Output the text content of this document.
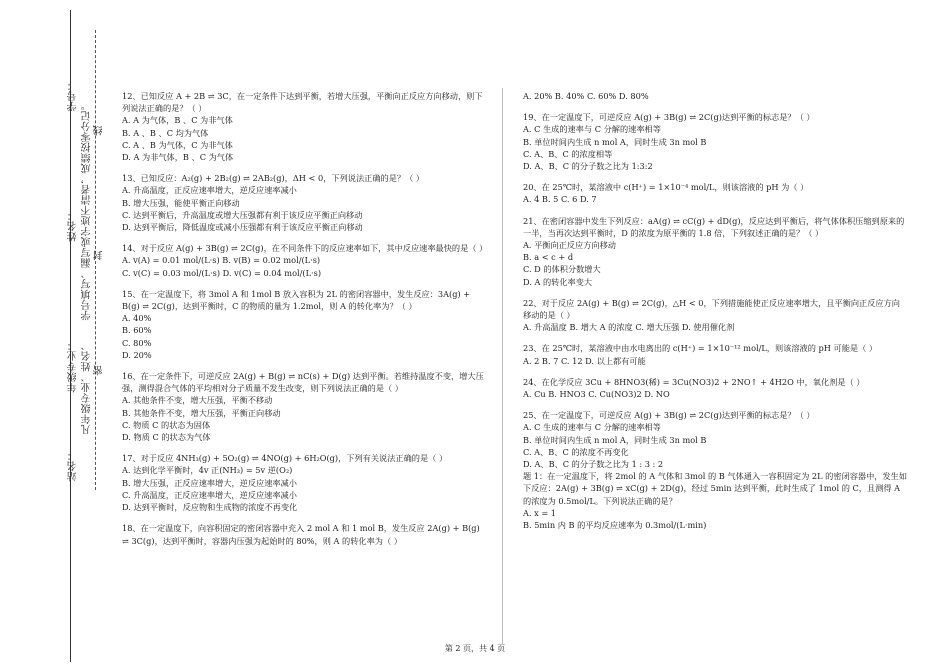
学号：
姓名： 学号填写、漏写或字迹不清者，成绩按零分记。 线
封
年级专业： 凡年级专业、姓名、 密
站名：

12、已知反应 A + 2B ⇌ 3C，在一定条件下达到平衡，若增大压强，平衡向正反应方向移动，则下列说法正确的是？（ ）

A. A 为气体，B 、C 为非气体

B. A 、B 、C 均为气体

C. A 、B 为气体，C 为非气体

D. A 为非气体，B 、C 为气体

13、已知反应：A₂(g) + 2B₂(g) ⇌ 2AB₂(g)，ΔH < 0，下列说法正确的是？（ ）

A. 升高温度，正反应速率增大，逆反应速率减小

B. 增大压强，能使平衡正向移动

C. 达到平衡后，升高温度或增大压强都有利于该反应平衡正向移动

D. 达到平衡后，降低温度或减小压强都有利于该反应平衡正向移动

14、对于反应 A(g) + 3B(g) ⇌ 2C(g)，在不同条件下的反应速率如下，其中反应速率最快的是（ ）

A. v(A) = 0.01 mol/(L·s) B. v(B) = 0.02 mol/(L·s)

C. v(C) = 0.03 mol/(L·s) D. v(C) = 0.04 mol/(L·s)

15、在一定温度下，将 3mol A 和 1mol B 放入容积为 2L 的密闭容器中，发生反应：3A(g) + B(g) ⇌ 2C(g)，达到平衡时，C 的物质的量为 1.2mol，则 A 的转化率为？（ ）

A. 40%

B. 60%

C. 80%

D. 20%

16、在一定条件下，可逆反应 2A(g) + B(g) ⇌ nC(s) + D(g) 达到平衡。若维持温度不变，增大压强，测得混合气体的平均相对分子质量不发生改变，则下列说法正确的是（ ）

A. 其他条件不变，增大压强，平衡不移动

B. 其他条件不变，增大压强，平衡正向移动

C. 物质 C 的状态为固体

D. 物质 C 的状态为气体

17、对于反应 4NH₃(g) + 5O₂(g) ⇌ 4NO(g) + 6H₂O(g)，下列有关说法正确的是（ ）

A. 达到化学平衡时，4v 正(NH₃) = 5v 逆(O₂)

B. 增大压强，正反应速率增大，逆反应速率减小

C. 升高温度，正反应速率增大，逆反应速率减小

D. 达到平衡时，反应物和生成物的浓度不再变化

18、在一定温度下，向容积固定的密闭容器中充入 2 mol A 和 1 mol B，发生反应 2A(g) + B(g) ⇌ 3C(g)，达到平衡时，容器内压强为起始时的 80%，则 A 的转化率为（ ）

A. 20% B. 40% C. 60% D. 80%

19、在一定温度下，可逆反应 A(g) + 3B(g) ⇌ 2C(g)达到平衡的标志是？（ ）

A. C 生成的速率与 C 分解的速率相等

B. 单位时间内生成 n mol A，同时生成 3n mol B

C. A、B、C 的浓度相等

D. A、B、C 的分子数之比为 1:3:2

20、在 25℃时，某溶液中 c(H⁺) = 1×10⁻⁴ mol/L，则该溶液的 pH 为（ ）

A. 4 B. 5 C. 6 D. 7

21、在密闭容器中发生下列反应：aA(g) ⇌ cC(g) + dD(g)，反应达到平衡后，将气体体积压缩到原来的一半，当再次达到平衡时，D 的浓度为原平衡的 1.8 倍，下列叙述正确的是？（ ）

A. 平衡向正反应方向移动

B. a < c + d

C. D 的体积分数增大

D. A 的转化率变大

22、对于反应 2A(g) + B(g) ⇌ 2C(g)，△H < 0，下列措施能使正反应速率增大，且平衡向正反应方向移动的是（ ）

A. 升高温度 B. 增大 A 的浓度 C. 增大压强 D. 使用催化剂

23、在 25℃时，某溶液中由水电离出的 c(H⁺) = 1×10⁻¹² mol/L，则该溶液的 pH 可能是（ ）

A. 2 B. 7 C. 12 D. 以上都有可能

24、在化学反应 3Cu + 8HNO3(稀) = 3Cu(NO3)2 + 2NO↑ + 4H2O 中，氧化剂是（ ）

A. Cu B. HNO3 C. Cu(NO3)2 D. NO

25、在一定温度下，可逆反应 A(g) + 3B(g) ⇌ 2C(g)达到平衡的标志是？（ ）

A. C 生成的速率与 C 分解的速率相等

B. 单位时间内生成 n mol A，同时生成 3n mol B

C. A、B、C 的浓度不再变化

D. A、B、C 的分子数之比为 1 : 3 : 2

题 1：在一定温度下，将 2mol 的 A 气体和 3mol 的 B 气体通入一容积固定为 2L 的密闭容器中，发生如下反应：2A(g) + 3B(g) ⇌ xC(g) + 2D(g)，经过 5min 达到平衡，此时生成了 1mol 的 C，且测得 A 的浓度为 0.5mol/L。下列说法正确的是？

A. x = 1

B. 5min 内 B 的平均反应速率为 0.3mol/(L·min)

第 2 页，共 4 页
